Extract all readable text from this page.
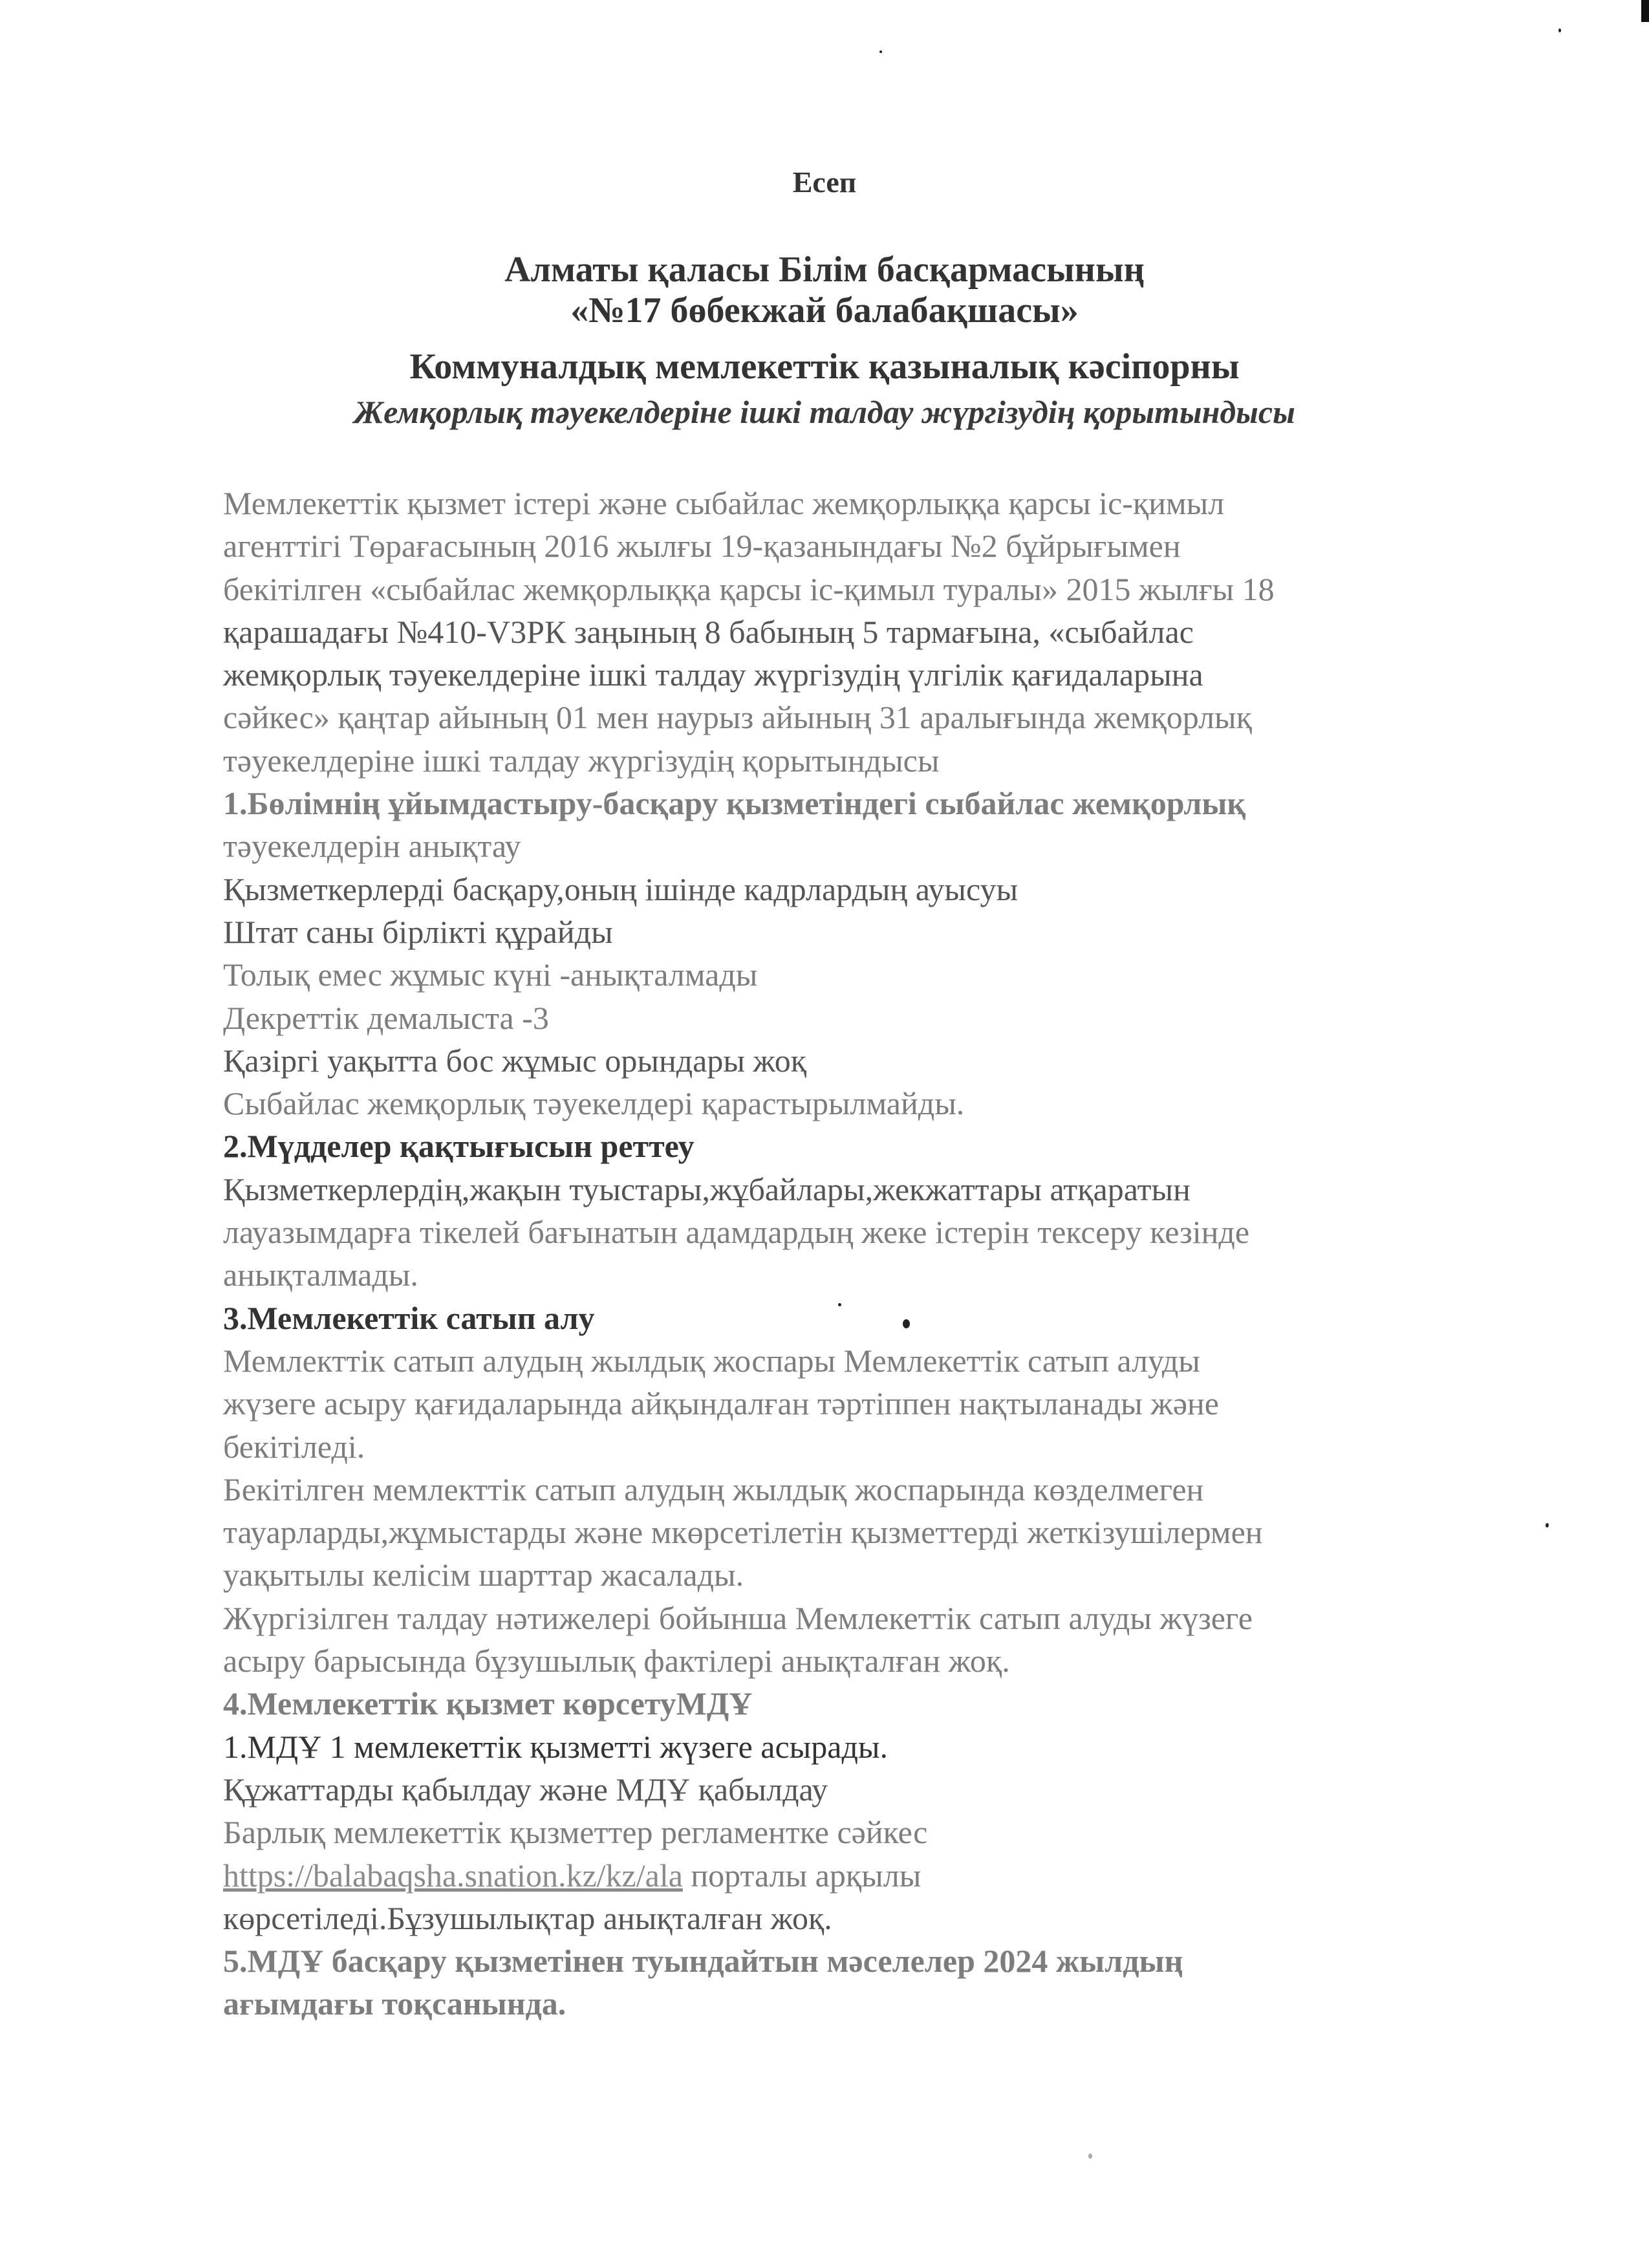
Есеп
Алматы қаласы Білім басқармасының
«№17 бөбекжай балабақшасы»
Коммуналдық мемлекеттік қазыналық кәсіпорны
Жемқорлық тәуекелдеріне ішкі талдау жүргізудің қорытындысы
Мемлекеттік қызмет істері және сыбайлас жемқорлыққа қарсы іс-қимыл
агенттігі Төрағасының 2016 жылғы 19-қазанындағы №2 бұйрығымен
бекітілген «сыбайлас жемқорлыққа қарсы іс-қимыл туралы» 2015 жылғы 18
қарашадағы №410-V3РК заңының 8 бабының 5 тармағына, «сыбайлас
жемқорлық тәуекелдеріне ішкі талдау жүргізудің үлгілік қағидаларына
сәйкес» қаңтар айының 01 мен наурыз айының 31 аралығында жемқорлық
тәуекелдеріне ішкі талдау жүргізудің қорытындысы
1.Бөлімнің ұйымдастыру-басқару қызметіндегі сыбайлас жемқорлық
тәуекелдерін анықтау
Қызметкерлерді басқару,оның ішінде кадрлардың ауысуы
Штат саны бірлікті құрайды
Толық емес жұмыс күні -анықталмады
Декреттік демалыста -3
Қазіргі уақытта бос жұмыс орындары жоқ
Сыбайлас жемқорлық тәуекелдері қарастырылмайды.
2.Мүдделер қақтығысын реттеу
Қызметкерлердің,жақын туыстары,жұбайлары,жекжаттары атқаратын
лауазымдарға тікелей бағынатын адамдардың жеке істерін тексеру кезінде
анықталмады.
3.Мемлекеттік сатып алу
Мемлекттік сатып алудың жылдық жоспары Мемлекеттік сатып алуды
жүзеге асыру қағидаларында айқындалған тәртіппен нақтыланады және
бекітіледі.
Бекітілген мемлекттік сатып алудың жылдық жоспарында көзделмеген
тауарларды,жұмыстарды және мкөрсетілетін қызметтерді жеткізушілермен
уақытылы келісім шарттар жасалады.
Жүргізілген талдау нәтижелері бойынша Мемлекеттік сатып алуды жүзеге
асыру барысында бұзушылық фактілері анықталған жоқ.
4.Мемлекеттік қызмет көрсетуМДҰ
1.МДҰ 1 мемлекеттік қызметті жүзеге асырады.
Құжаттарды қабылдау және МДҰ қабылдау
Барлық мемлекеттік қызметтер регламентке сәйкес
https://balabaqsha.snation.kz/kz/ala порталы арқылы
көрсетіледі.Бұзушылықтар анықталған жоқ.
5.МДҰ басқару қызметінен туындайтын мәселелер 2024 жылдың
ағымдағы тоқсанында.
